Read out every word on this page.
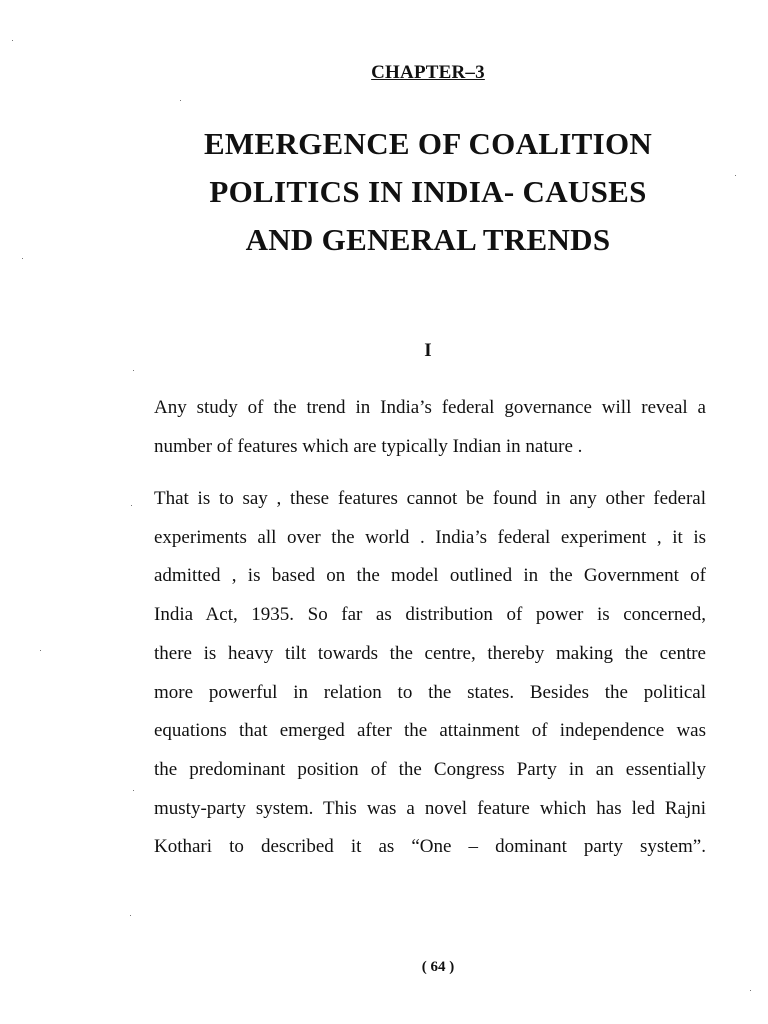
CHAPTER–3
EMERGENCE OF COALITION
POLITICS IN INDIA- CAUSES
AND GENERAL TRENDS
I
Any study of the trend in India’s federal governance will reveal a
number of features which are typically Indian in nature .
That is to say , these features cannot be found in any other federal
experiments all over the world . India’s federal experiment , it is
admitted , is based on the model outlined in the Government of
India Act, 1935. So far as distribution of power is concerned,
there is heavy tilt towards the centre, thereby making the centre
more powerful in relation to the states. Besides the political
equations that emerged after the attainment of independence was
the predominant position of the Congress Party in an essentially
musty-party system. This was a novel feature which has led Rajni
Kothari to described it as “One – dominant party system”.
( 64 )
